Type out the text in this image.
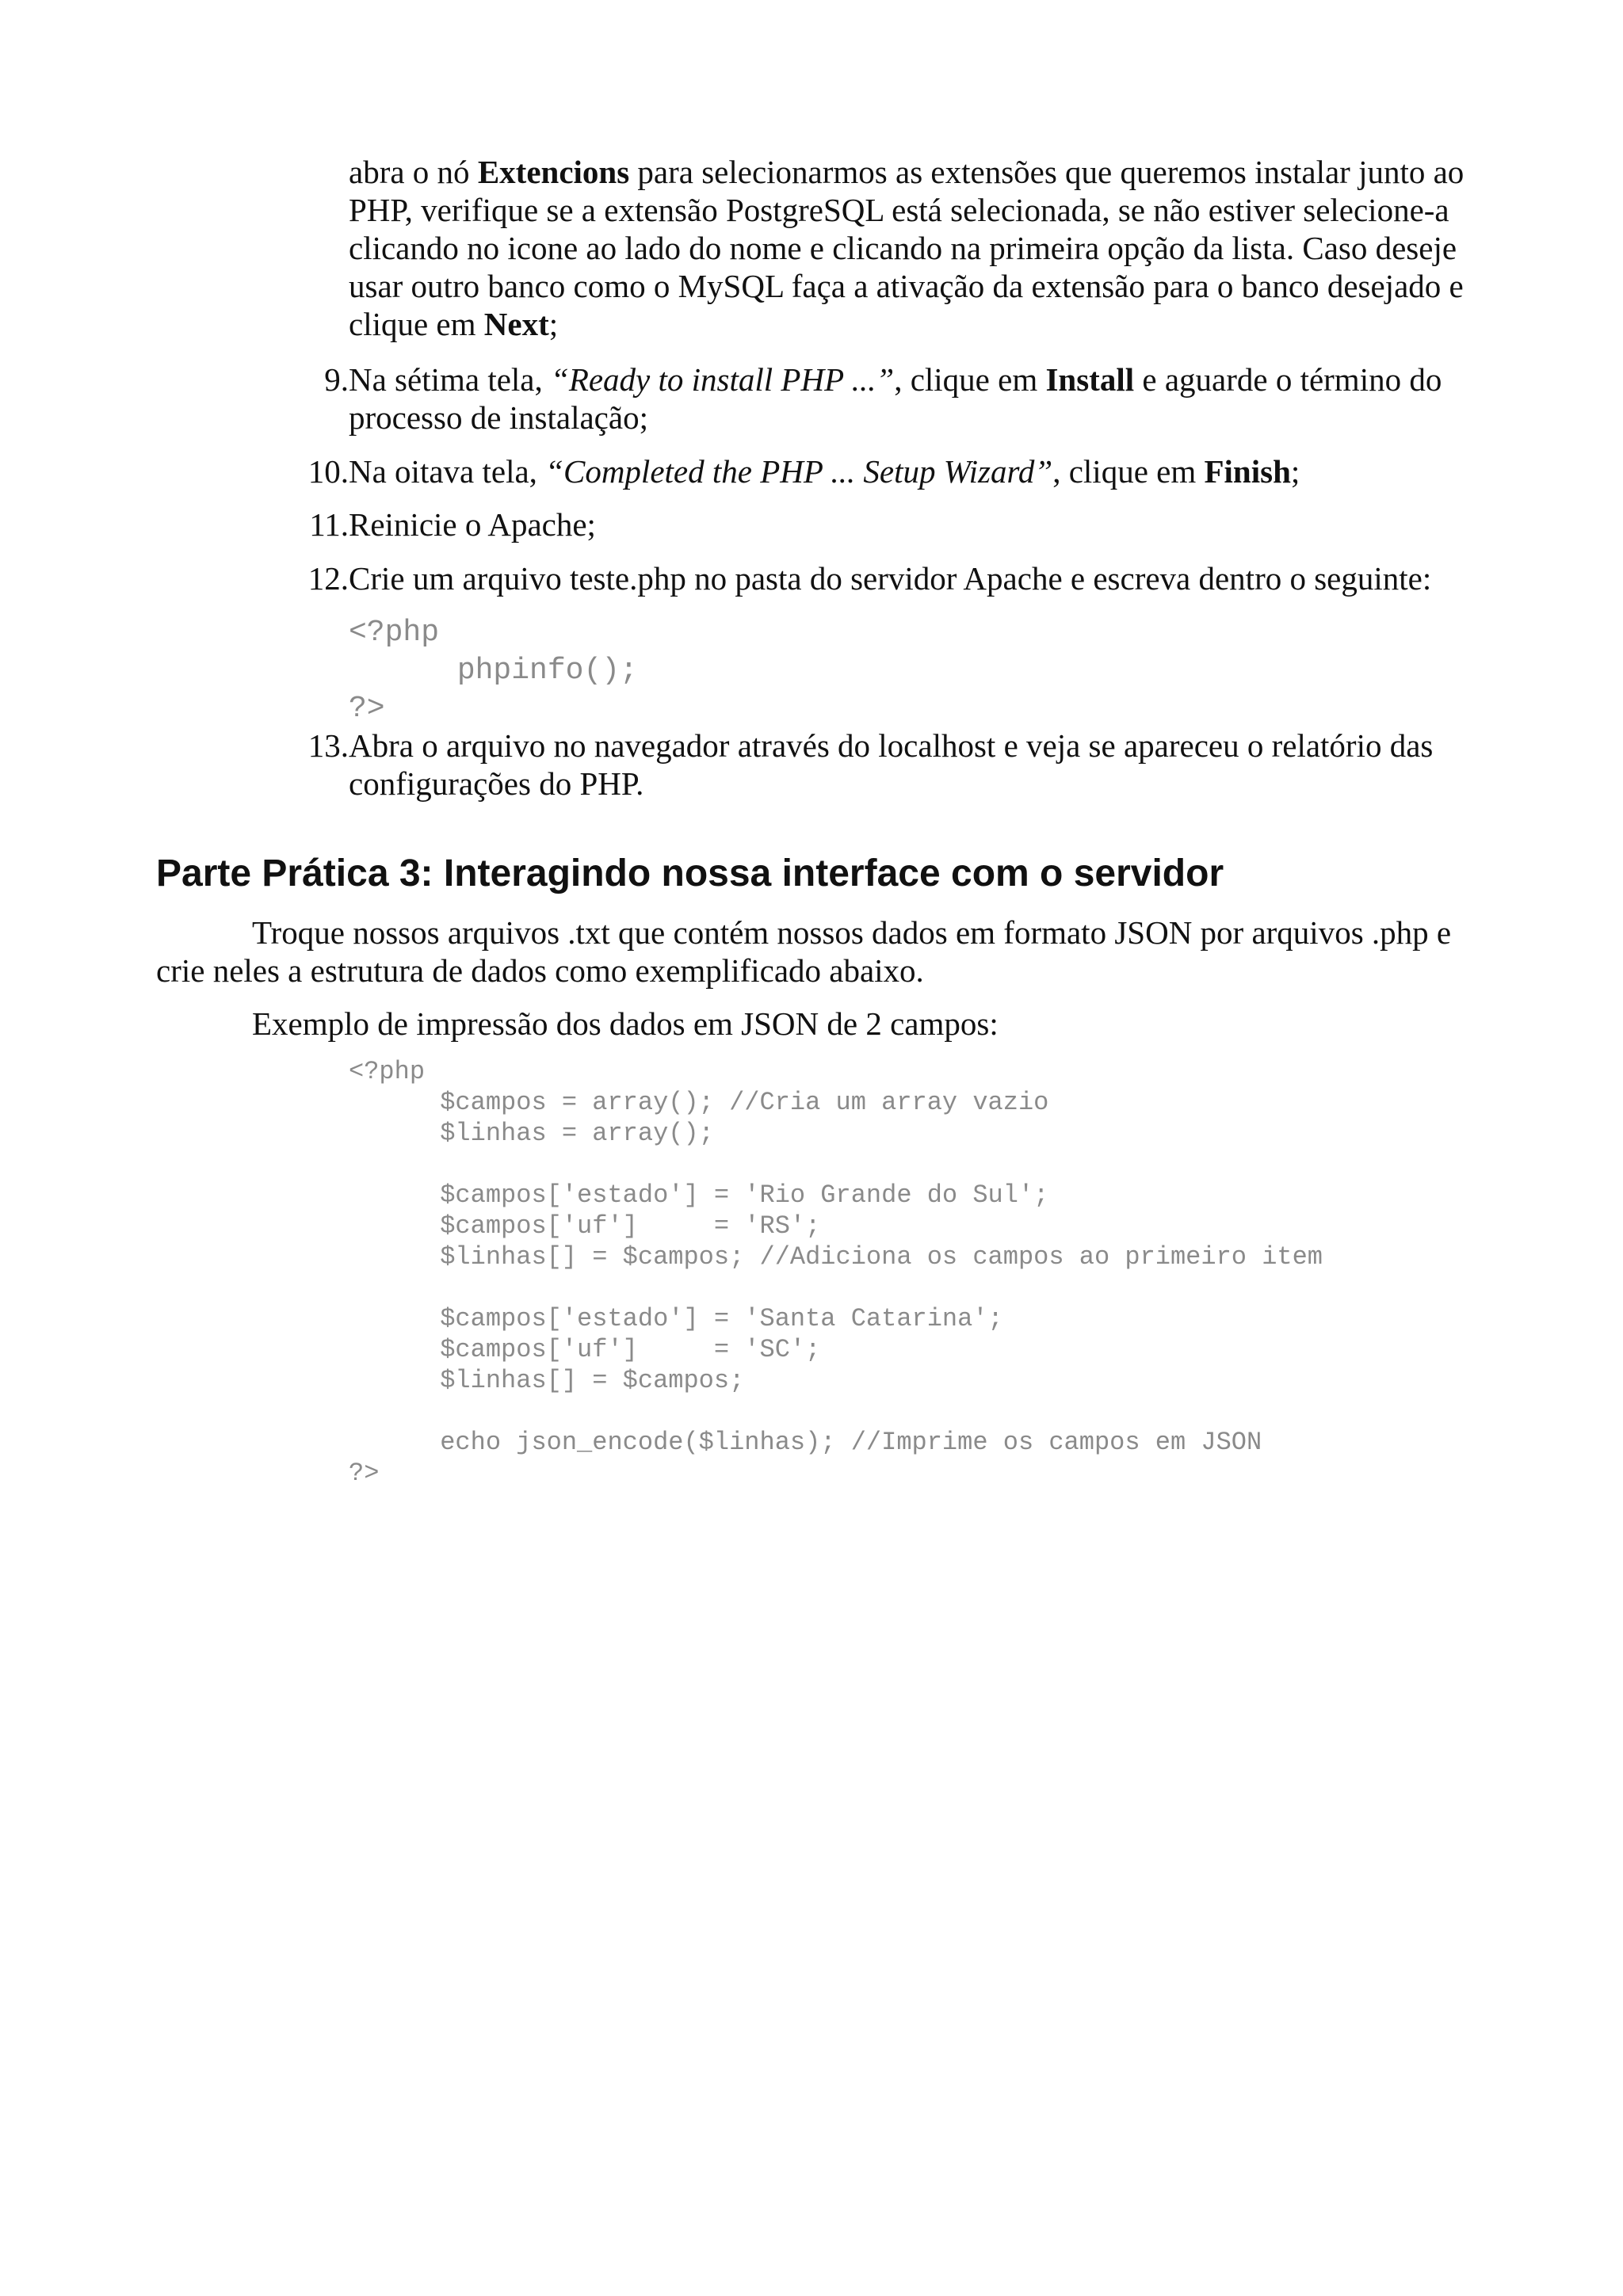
abra o nó Extencions para selecionarmos as extensões que queremos instalar junto ao PHP, verifique se a extensão PostgreSQL está selecionada, se não estiver selecione-a clicando no icone ao lado do nome e clicando na primeira opção da lista. Caso deseje usar outro banco como o MySQL faça a ativação da extensão para o banco desejado e clique em Next;
9. Na sétima tela, “Ready to install PHP ...”, clique em Install e aguarde o término do processo de instalação;
10. Na oitava tela, “Completed the PHP ... Setup Wizard”, clique em Finish;
11. Reinicie o Apache;
12. Crie um arquivo teste.php no pasta do servidor Apache e escreva dentro o seguinte:
<?php
phpinfo();
?>
13. Abra o arquivo no navegador através do localhost e veja se apareceu o relatório das configurações do PHP.
Parte Prática 3: Interagindo nossa interface com o servidor
Troque nossos arquivos .txt que contém nossos dados em formato JSON por arquivos .php e crie neles a estrutura de dados como exemplificado abaixo.
Exemplo de impressão dos dados em JSON de 2 campos:
<?php
$campos = array(); //Cria um array vazio
$linhas = array();

$campos['estado'] = 'Rio Grande do Sul';
$campos['uf']     = 'RS';
$linhas[] = $campos; //Adiciona os campos ao primeiro item

$campos['estado'] = 'Santa Catarina';
$campos['uf']     = 'SC';
$linhas[] = $campos;

echo json_encode($linhas); //Imprime os campos em JSON
?>
